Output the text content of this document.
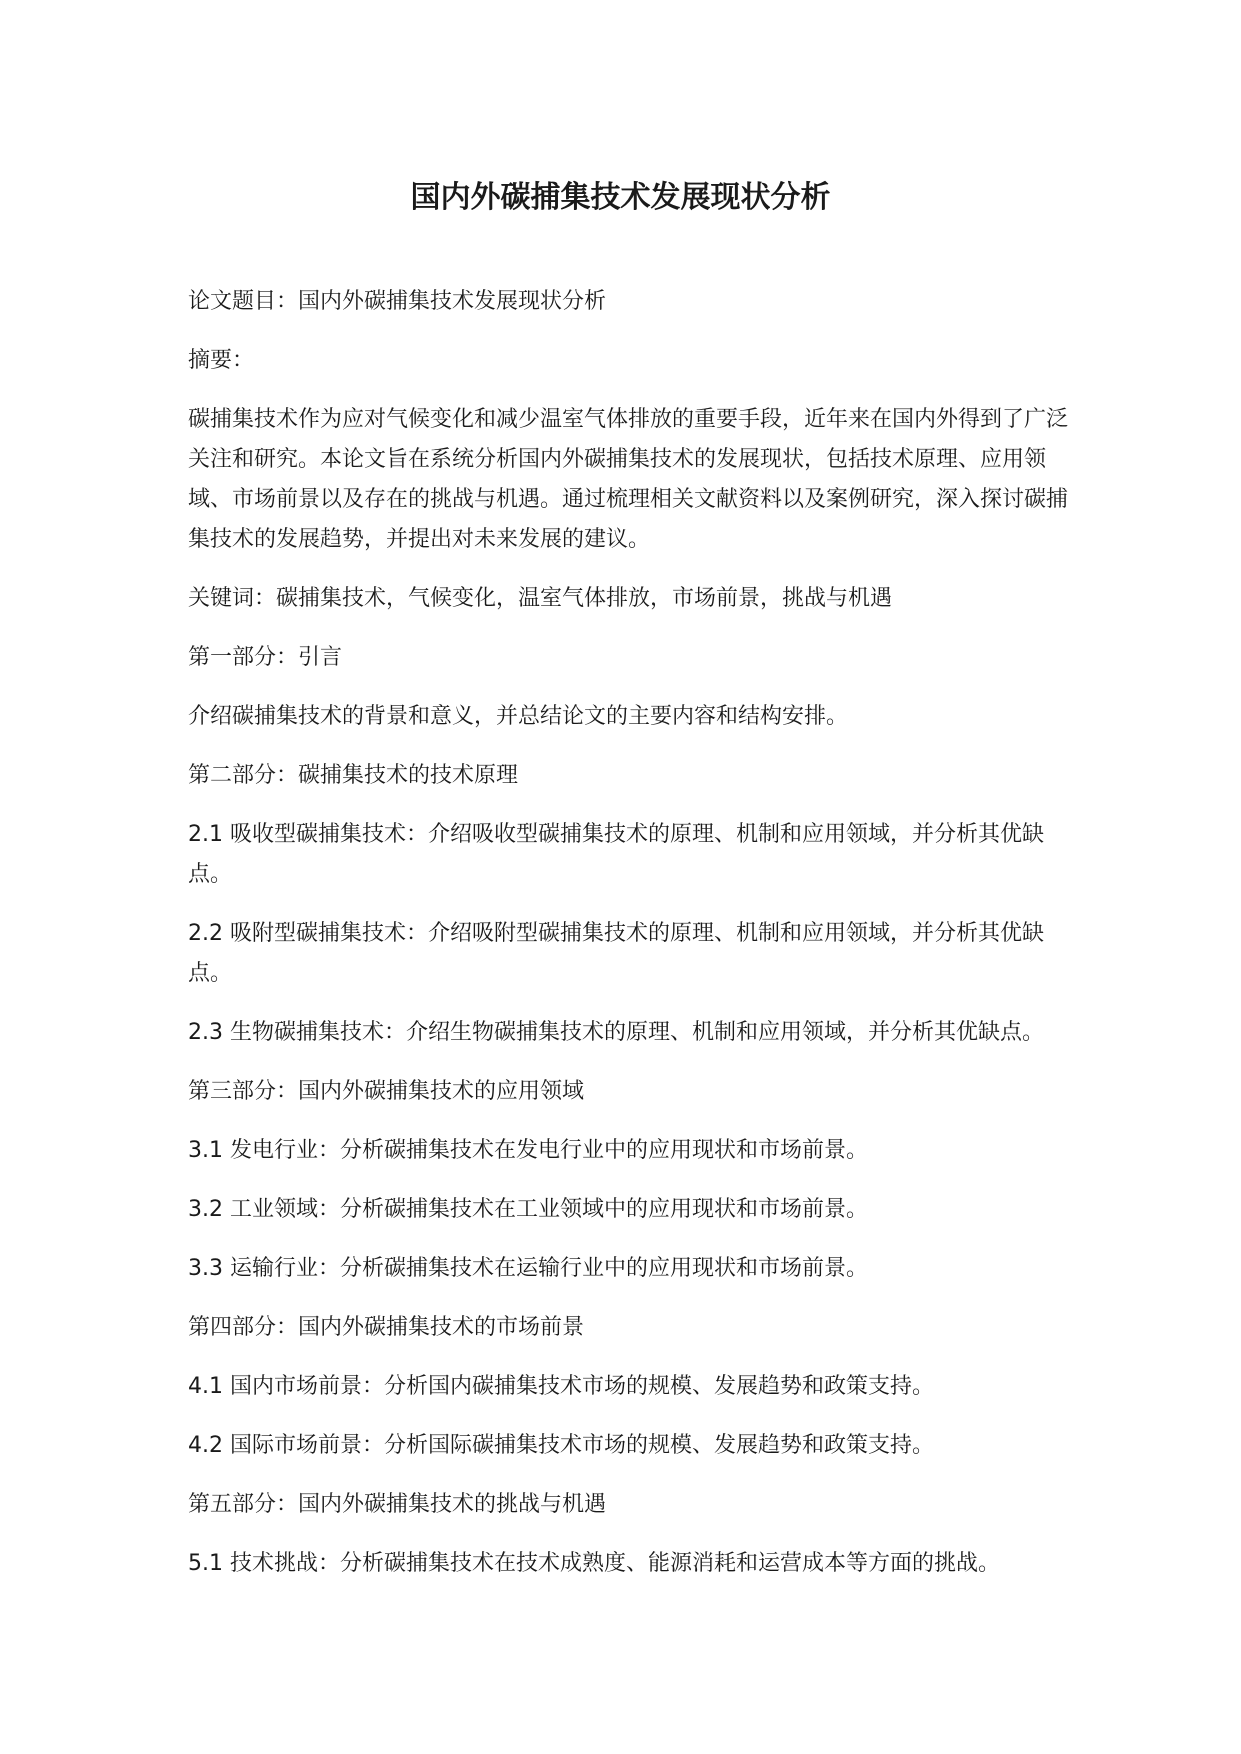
国内外碳捕集技术发展现状分析

论文题目：国内外碳捕集技术发展现状分析

摘要：

碳捕集技术作为应对气候变化和减少温室气体排放的重要手段，近年来在国内外得到了广泛关注和研究。本论文旨在系统分析国内外碳捕集技术的发展现状，包括技术原理、应用领域、市场前景以及存在的挑战与机遇。通过梳理相关文献资料以及案例研究，深入探讨碳捕集技术的发展趋势，并提出对未来发展的建议。

关键词：碳捕集技术，气候变化，温室气体排放，市场前景，挑战与机遇

第一部分：引言

介绍碳捕集技术的背景和意义，并总结论文的主要内容和结构安排。

第二部分：碳捕集技术的技术原理

2.1 吸收型碳捕集技术：介绍吸收型碳捕集技术的原理、机制和应用领域，并分析其优缺点。

2.2 吸附型碳捕集技术：介绍吸附型碳捕集技术的原理、机制和应用领域，并分析其优缺点。

2.3 生物碳捕集技术：介绍生物碳捕集技术的原理、机制和应用领域，并分析其优缺点。

第三部分：国内外碳捕集技术的应用领域

3.1 发电行业：分析碳捕集技术在发电行业中的应用现状和市场前景。

3.2 工业领域：分析碳捕集技术在工业领域中的应用现状和市场前景。

3.3 运输行业：分析碳捕集技术在运输行业中的应用现状和市场前景。

第四部分：国内外碳捕集技术的市场前景

4.1 国内市场前景：分析国内碳捕集技术市场的规模、发展趋势和政策支持。

4.2 国际市场前景：分析国际碳捕集技术市场的规模、发展趋势和政策支持。

第五部分：国内外碳捕集技术的挑战与机遇

5.1 技术挑战：分析碳捕集技术在技术成熟度、能源消耗和运营成本等方面的挑战。
